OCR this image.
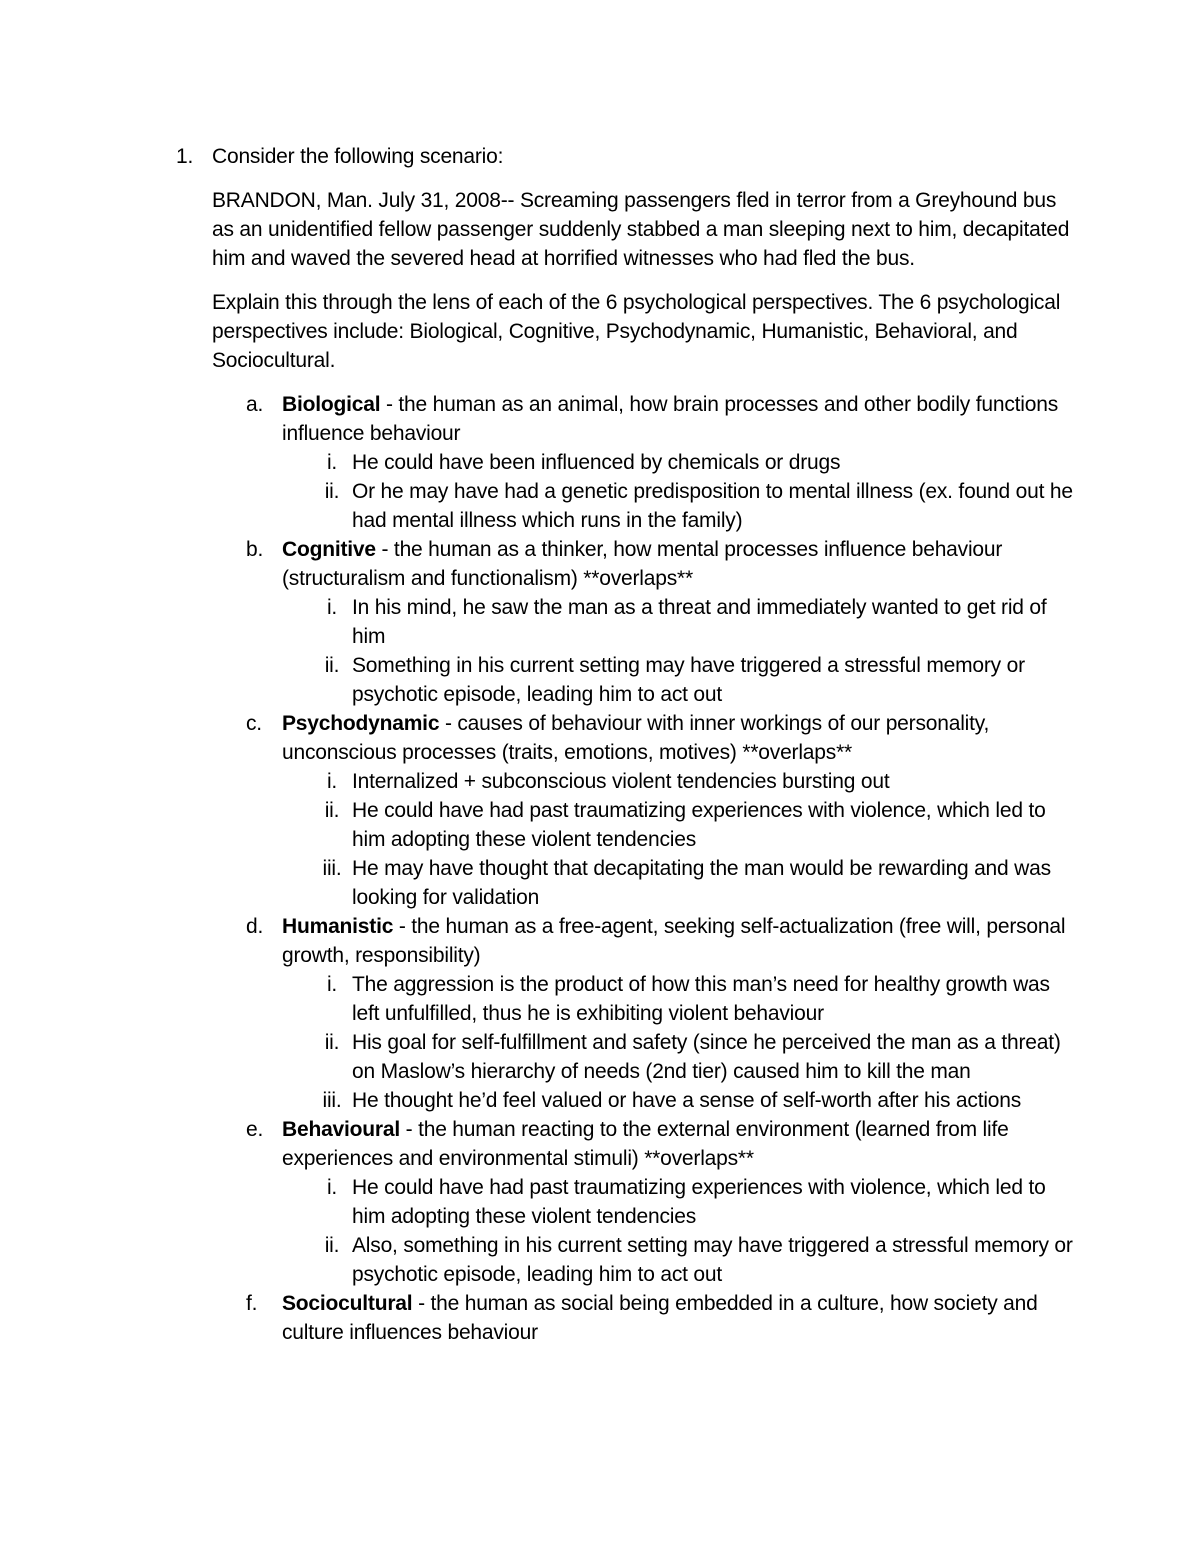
1. Consider the following scenario:

BRANDON, Man. July 31, 2008-- Screaming passengers fled in terror from a Greyhound bus as an unidentified fellow passenger suddenly stabbed a man sleeping next to him, decapitated him and waved the severed head at horrified witnesses who had fled the bus.

Explain this through the lens of each of the 6 psychological perspectives. The 6 psychological perspectives include: Biological, Cognitive, Psychodynamic, Humanistic, Behavioral, and Sociocultural.

a. Biological - the human as an animal, how brain processes and other bodily functions influence behaviour
i. He could have been influenced by chemicals or drugs
ii. Or he may have had a genetic predisposition to mental illness (ex. found out he had mental illness which runs in the family)
b. Cognitive - the human as a thinker, how mental processes influence behaviour (structuralism and functionalism) **overlaps**
i. In his mind, he saw the man as a threat and immediately wanted to get rid of him
ii. Something in his current setting may have triggered a stressful memory or psychotic episode, leading him to act out
c. Psychodynamic - causes of behaviour with inner workings of our personality, unconscious processes (traits, emotions, motives) **overlaps**
i. Internalized + subconscious violent tendencies bursting out
ii. He could have had past traumatizing experiences with violence, which led to him adopting these violent tendencies
iii. He may have thought that decapitating the man would be rewarding and was looking for validation
d. Humanistic - the human as a free-agent, seeking self-actualization (free will, personal growth, responsibility)
i. The aggression is the product of how this man’s need for healthy growth was left unfulfilled, thus he is exhibiting violent behaviour
ii. His goal for self-fulfillment and safety (since he perceived the man as a threat) on Maslow’s hierarchy of needs (2nd tier) caused him to kill the man
iii. He thought he’d feel valued or have a sense of self-worth after his actions
e. Behavioural - the human reacting to the external environment (learned from life experiences and environmental stimuli) **overlaps**
i. He could have had past traumatizing experiences with violence, which led to him adopting these violent tendencies
ii. Also, something in his current setting may have triggered a stressful memory or psychotic episode, leading him to act out
f.	Sociocultural - the human as social being embedded in a culture, how society and culture influences behaviour
